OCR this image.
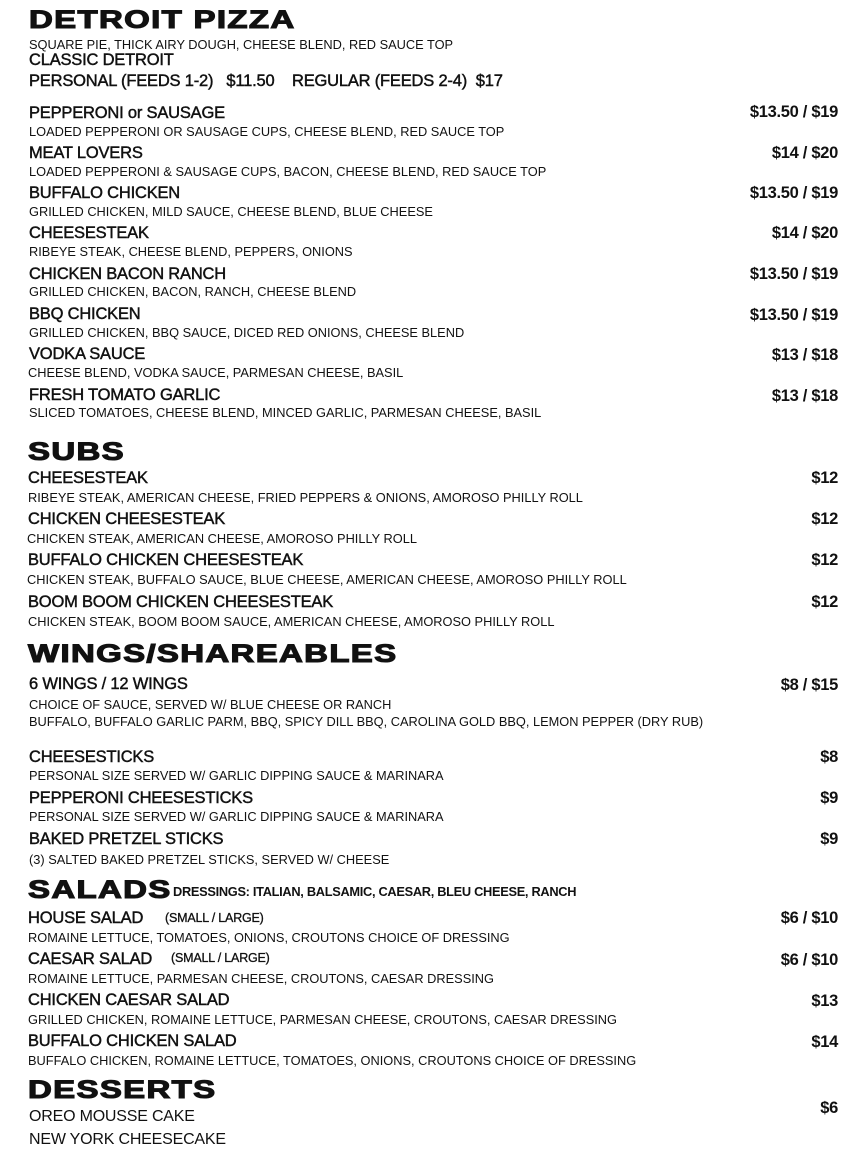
DETROIT PIZZA
SQUARE PIE, THICK AIRY DOUGH, CHEESE BLEND, RED SAUCE TOP
CLASSIC DETROIT
PERSONAL (FEEDS 1-2)   $11.50    REGULAR (FEEDS 2-4)  $17
PEPPERONI or SAUSAGE
LOADED PEPPERONI OR SAUSAGE CUPS, CHEESE BLEND, RED SAUCE TOP
$13.50 / $19
MEAT LOVERS
LOADED PEPPERONI & SAUSAGE CUPS, BACON, CHEESE BLEND, RED SAUCE TOP
$14 / $20
BUFFALO CHICKEN
GRILLED CHICKEN, MILD SAUCE, CHEESE BLEND, BLUE CHEESE
$13.50 / $19
CHEESESTEAK
RIBEYE STEAK, CHEESE BLEND, PEPPERS, ONIONS
$14 / $20
CHICKEN BACON RANCH
GRILLED CHICKEN, BACON, RANCH, CHEESE BLEND
$13.50 / $19
BBQ CHICKEN
GRILLED CHICKEN, BBQ SAUCE, DICED RED ONIONS, CHEESE BLEND
$13.50 / $19
VODKA SAUCE
CHEESE BLEND, VODKA SAUCE, PARMESAN CHEESE, BASIL
$13 / $18
FRESH TOMATO GARLIC
SLICED TOMATOES, CHEESE BLEND, MINCED GARLIC, PARMESAN CHEESE, BASIL
$13 / $18
SUBS
CHEESESTEAK
RIBEYE STEAK, AMERICAN CHEESE, FRIED PEPPERS & ONIONS, AMOROSO PHILLY ROLL
$12
CHICKEN CHEESESTEAK
CHICKEN STEAK, AMERICAN CHEESE, AMOROSO PHILLY ROLL
$12
BUFFALO CHICKEN CHEESESTEAK
CHICKEN STEAK, BUFFALO SAUCE, BLUE CHEESE, AMERICAN CHEESE, AMOROSO PHILLY ROLL
$12
BOOM BOOM CHICKEN CHEESESTEAK
CHICKEN STEAK, BOOM BOOM SAUCE, AMERICAN CHEESE, AMOROSO PHILLY ROLL
$12
WINGS/SHAREABLES
6 WINGS / 12 WINGS
CHOICE OF SAUCE, SERVED W/ BLUE CHEESE OR RANCH
BUFFALO, BUFFALO GARLIC PARM, BBQ, SPICY DILL BBQ, CAROLINA GOLD BBQ, LEMON PEPPER (DRY RUB)
$8 / $15
CHEESESTICKS
PERSONAL SIZE SERVED W/ GARLIC DIPPING SAUCE & MARINARA
$8
PEPPERONI CHEESESTICKS
PERSONAL SIZE SERVED W/ GARLIC DIPPING SAUCE & MARINARA
$9
BAKED PRETZEL STICKS
(3) SALTED BAKED PRETZEL STICKS, SERVED W/ CHEESE
$9
SALADS DRESSINGS: ITALIAN, BALSAMIC, CAESAR, BLEU CHEESE, RANCH
HOUSE SALAD (SMALL / LARGE)
ROMAINE LETTUCE, TOMATOES, ONIONS, CROUTONS CHOICE OF DRESSING
$6 / $10
CAESAR SALAD (SMALL / LARGE)
ROMAINE LETTUCE, PARMESAN CHEESE, CROUTONS, CAESAR DRESSING
$6 / $10
CHICKEN CAESAR SALAD
GRILLED CHICKEN, ROMAINE LETTUCE, PARMESAN CHEESE, CROUTONS, CAESAR DRESSING
$13
BUFFALO CHICKEN SALAD
BUFFALO CHICKEN, ROMAINE LETTUCE, TOMATOES, ONIONS, CROUTONS CHOICE OF DRESSING
$14
DESSERTS
OREO MOUSSE CAKE
NEW YORK CHEESECAKE
$6
